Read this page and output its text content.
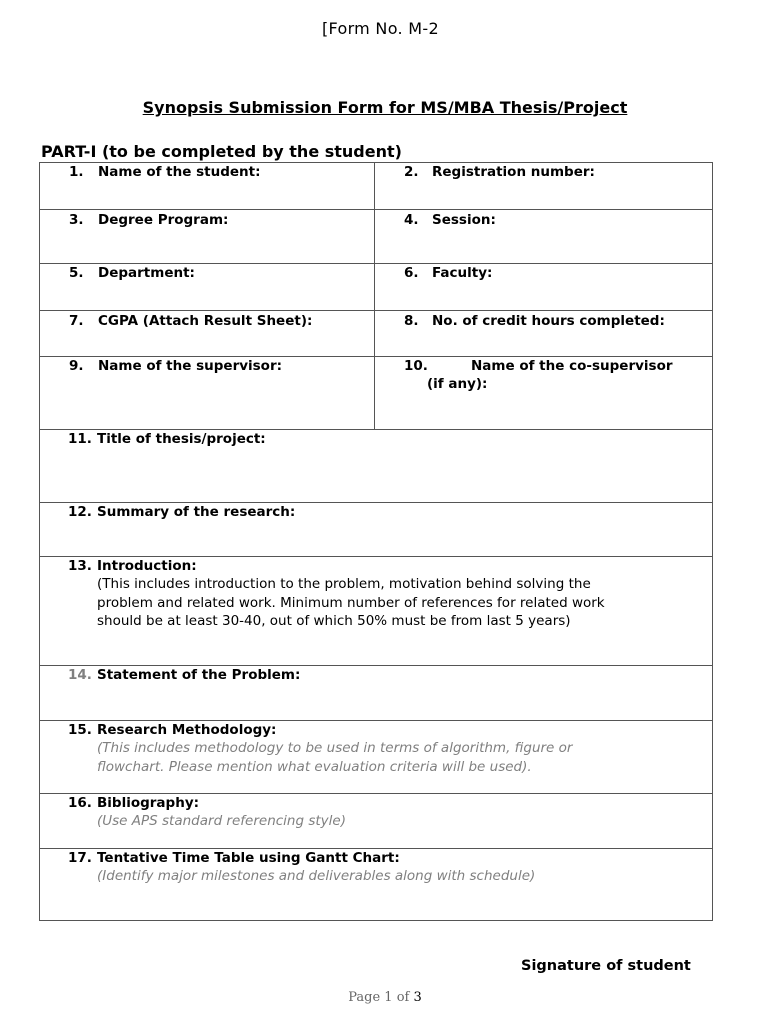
[Form No. M-2
Synopsis Submission Form for MS/MBA Thesis/Project
PART-I (to be completed by the student)
1. Name of the student:	2. Registration number:

3. Degree Program:	4. Session:

5. Department:	6. Faculty:

7. CGPA (Attach Result Sheet):	8. No. of credit hours completed:

9. Name of the supervisor:	10. Name of the co-supervisor
(if any):

11. Title of thesis/project:	

12. Summary of the research:	

13. Introduction:
(This includes introduction to the problem, motivation behind solving the
problem and related work. Minimum number of references for related work
should be at least 30-40, out of which 50% must be from last 5 years)	

14. Statement of the Problem:	

15. Research Methodology:
(This includes methodology to be used in terms of algorithm, figure or
flowchart. Please mention what evaluation criteria will be used).	

16. Bibliography:
(Use APS standard referencing style)	

17. Tentative Time Table using Gantt Chart:
(Identify major milestones and deliverables along with schedule)	
Signature of student
Page 1 of 3
